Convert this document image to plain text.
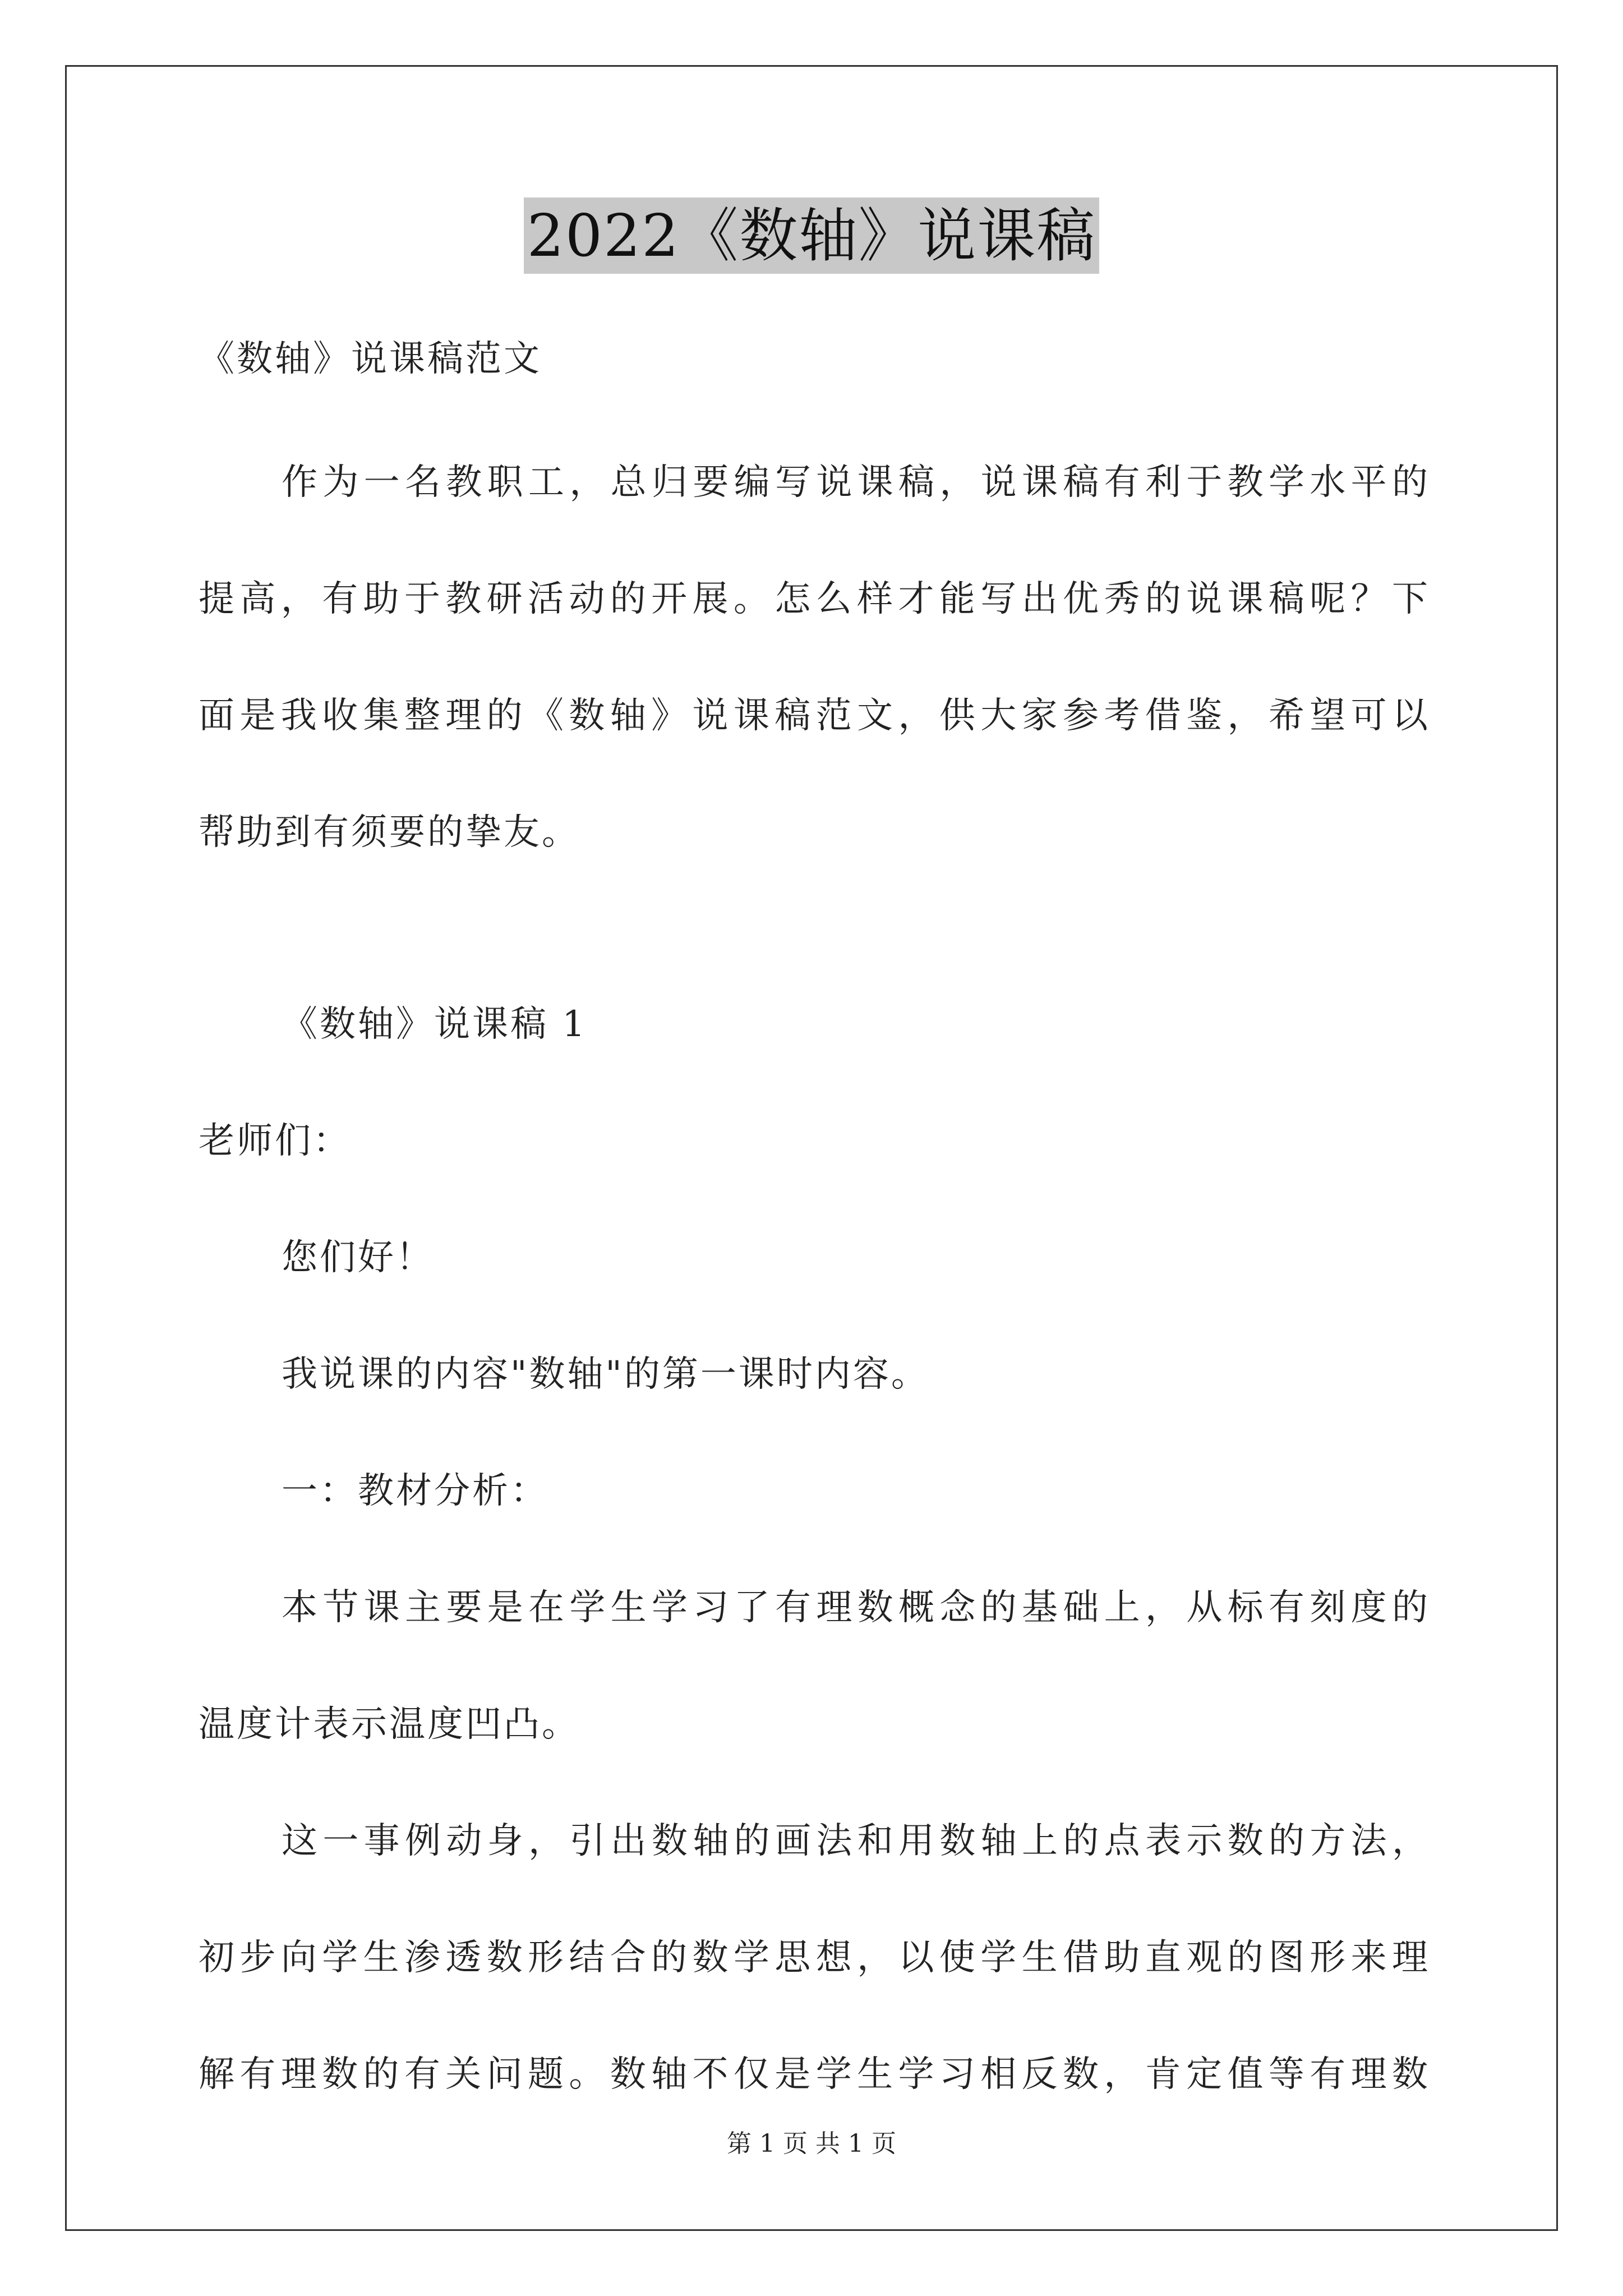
2022《数轴》说课稿
《数轴》说课稿范文
作为一名教职工，总归要编写说课稿，说课稿有利于教学水平的
提高，有助于教研活动的开展。怎么样才能写出优秀的说课稿呢？下
面是我收集整理的《数轴》说课稿范文，供大家参考借鉴，希望可以
帮助到有须要的挚友。
《数轴》说课稿 1
老师们：
您们好！
我说课的内容"数轴"的第一课时内容。
一：教材分析：
本节课主要是在学生学习了有理数概念的基础上，从标有刻度的
温度计表示温度凹凸。
这一事例动身，引出数轴的画法和用数轴上的点表示数的方法，
初步向学生渗透数形结合的数学思想，以使学生借助直观的图形来理
解有理数的有关问题。数轴不仅是学生学习相反数，肯定值等有理数
第 1 页 共 1 页
